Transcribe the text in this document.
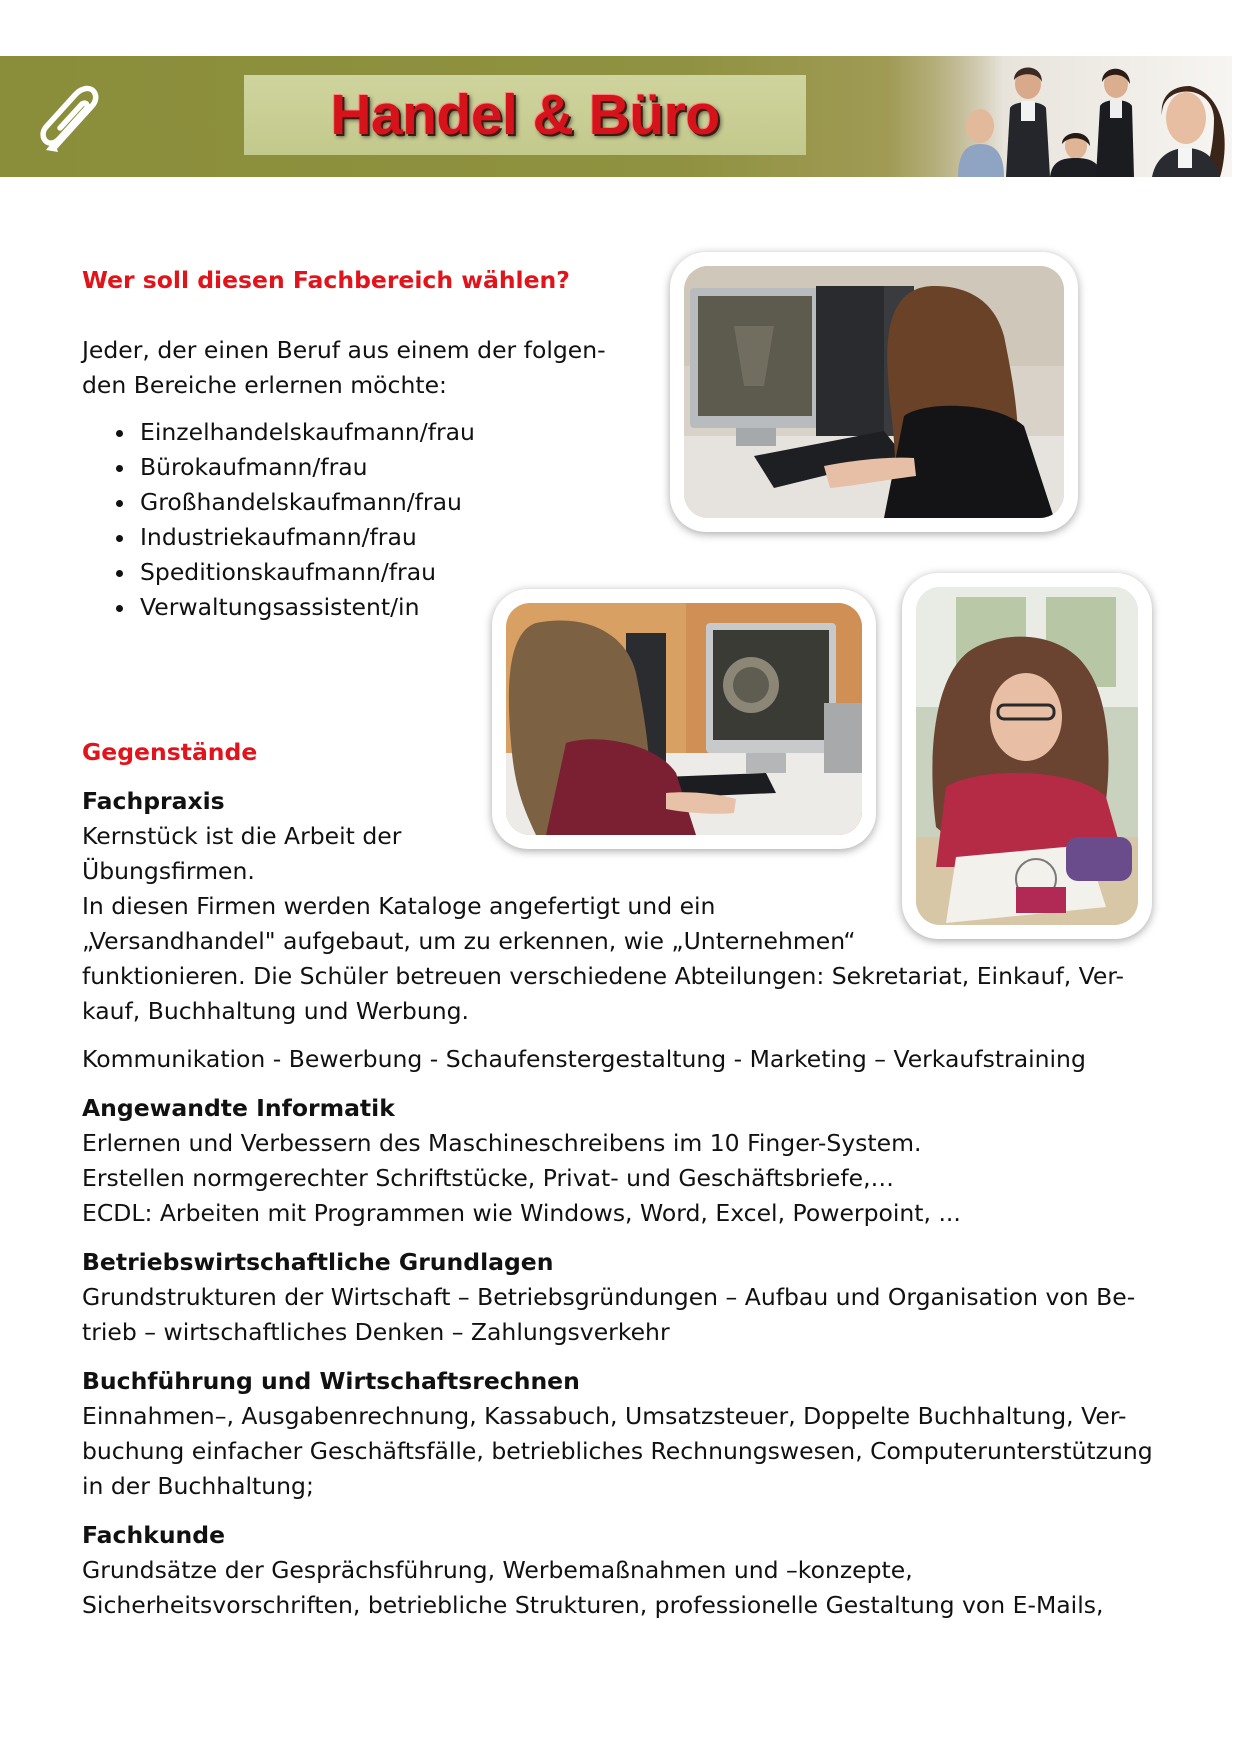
Handel & Büro
Wer soll diesen Fachbereich wählen?
Jeder, der einen Beruf aus einem der folgen-
den Bereiche erlernen möchte:
Einzelhandelskaufmann/frau
Bürokaufmann/frau
Großhandelskaufmann/frau
Industriekaufmann/frau
Speditionskaufmann/frau
Verwaltungsassistent/in
Gegenstände
Fachpraxis
Kernstück ist die Arbeit der
Übungsfirmen.
In diesen Firmen werden Kataloge angefertigt und ein
„Versandhandel" aufgebaut, um zu erkennen, wie „Unternehmen“
funktionieren. Die Schüler betreuen verschiedene Abteilungen: Sekretariat, Einkauf, Ver-
kauf, Buchhaltung und Werbung.
Kommunikation - Bewerbung - Schaufenstergestaltung - Marketing – Verkaufstraining
Angewandte Informatik
Erlernen und Verbessern des Maschineschreibens im 10 Finger-System.
Erstellen normgerechter Schriftstücke, Privat- und Geschäftsbriefe,…
ECDL: Arbeiten mit Programmen wie Windows, Word, Excel, Powerpoint, ...
Betriebswirtschaftliche Grundlagen
Grundstrukturen der Wirtschaft – Betriebsgründungen – Aufbau und Organisation von Be-
trieb – wirtschaftliches Denken – Zahlungsverkehr
Buchführung und Wirtschaftsrechnen
Einnahmen–, Ausgabenrechnung, Kassabuch, Umsatzsteuer, Doppelte Buchhaltung, Ver-
buchung einfacher Geschäftsfälle, betriebliches Rechnungswesen, Computerunterstützung
in der Buchhaltung;
Fachkunde
Grundsätze der Gesprächsführung, Werbemaßnahmen und –konzepte,
Sicherheitsvorschriften, betriebliche Strukturen, professionelle Gestaltung von E-Mails,
